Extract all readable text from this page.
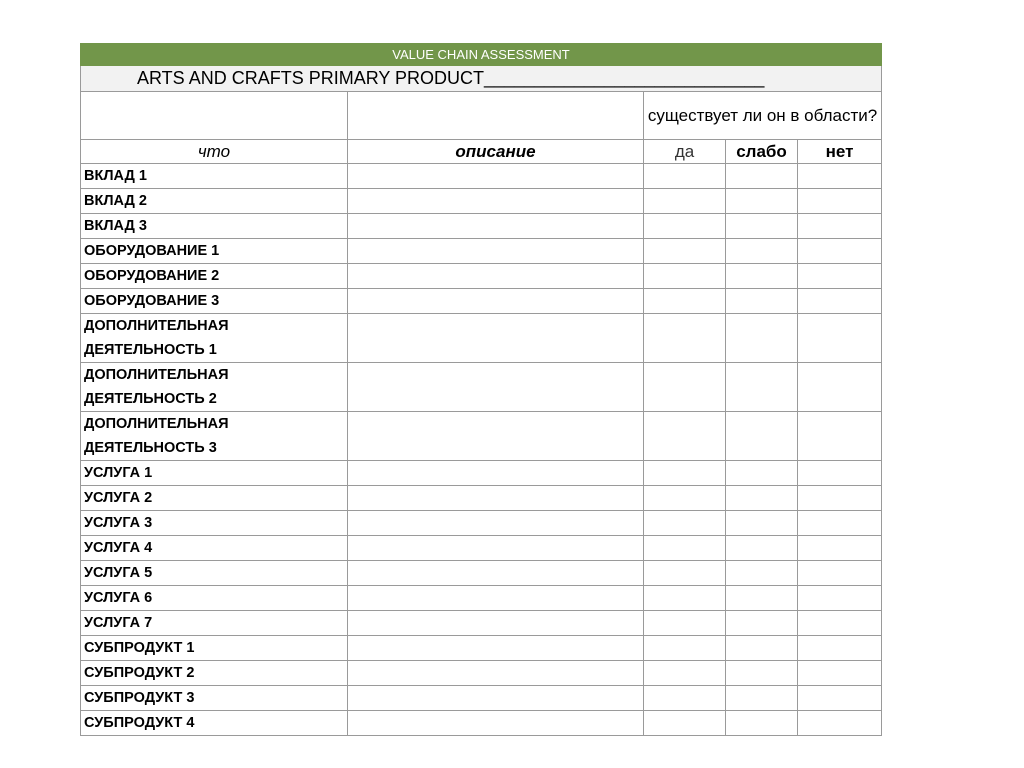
VALUE CHAIN ASSESSMENT				
ARTS AND CRAFTS PRIMARY PRODUCT____________________________				
		существует ли он в области?		
что	описание	да	слабо	нет
ВКЛАД 1				
ВКЛАД 2				
ВКЛАД 3				
ОБОРУДОВАНИЕ 1				
ОБОРУДОВАНИЕ 2				
ОБОРУДОВАНИЕ 3				
ДОПОЛНИТЕЛЬНАЯ
ДЕЯТЕЛЬНОСТЬ 1				
ДОПОЛНИТЕЛЬНАЯ
ДЕЯТЕЛЬНОСТЬ 2				
ДОПОЛНИТЕЛЬНАЯ
ДЕЯТЕЛЬНОСТЬ 3				
УСЛУГА 1				
УСЛУГА 2				
УСЛУГА 3				
УСЛУГА 4				
УСЛУГА 5				
УСЛУГА 6				
УСЛУГА 7				
СУБПРОДУКТ 1				
СУБПРОДУКТ 2				
СУБПРОДУКТ 3				
СУБПРОДУКТ 4				
